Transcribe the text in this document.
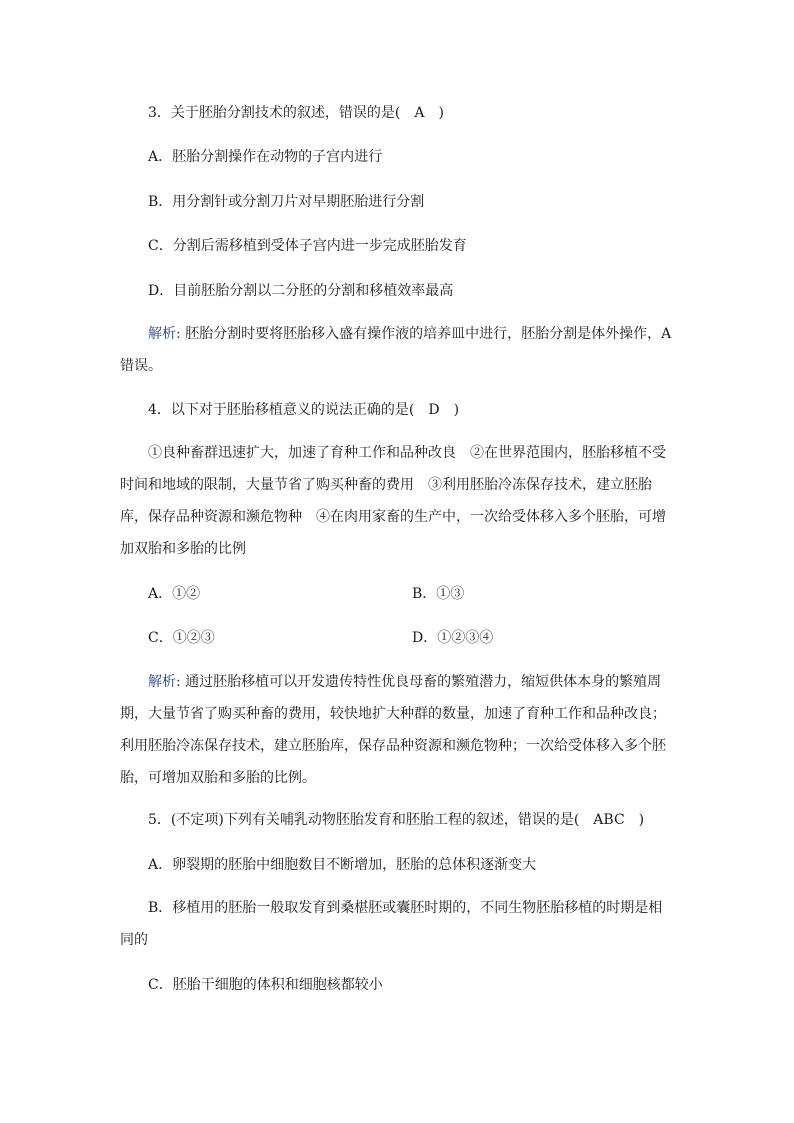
3．关于胚胎分割技术的叙述，错误的是( A )
A．胚胎分割操作在动物的子宫内进行
B．用分割针或分割刀片对早期胚胎进行分割
C．分割后需移植到受体子宫内进一步完成胚胎发育
D．目前胚胎分割以二分胚的分割和移植效率最高
解析: 胚胎分割时要将胚胎移入盛有操作液的培养皿中进行，胚胎分割是体外操作，A错误。
4．以下对于胚胎移植意义的说法正确的是( D )
①良种畜群迅速扩大，加速了育种工作和品种改良　②在世界范围内，胚胎移植不受时间和地域的限制，大量节省了购买种畜的费用　③利用胚胎冷冻保存技术，建立胚胎库，保存品种资源和濒危物种　④在肉用家畜的生产中，一次给受体移入多个胚胎，可增加双胎和多胎的比例
A．①②	B．①③
C．①②③	D．①②③④
解析: 通过胚胎移植可以开发遗传特性优良母畜的繁殖潜力，缩短供体本身的繁殖周期，大量节省了购买种畜的费用，较快地扩大种群的数量，加速了育种工作和品种改良；利用胚胎冷冻保存技术，建立胚胎库，保存品种资源和濒危物种；一次给受体移入多个胚胎，可增加双胎和多胎的比例。
5．(不定项)下列有关哺乳动物胚胎发育和胚胎工程的叙述，错误的是( ABC )
A．卵裂期的胚胎中细胞数目不断增加，胚胎的总体积逐渐变大
B．移植用的胚胎一般取发育到桑椹胚或囊胚时期的，不同生物胚胎移植的时期是相同的
C．胚胎干细胞的体积和细胞核都较小
